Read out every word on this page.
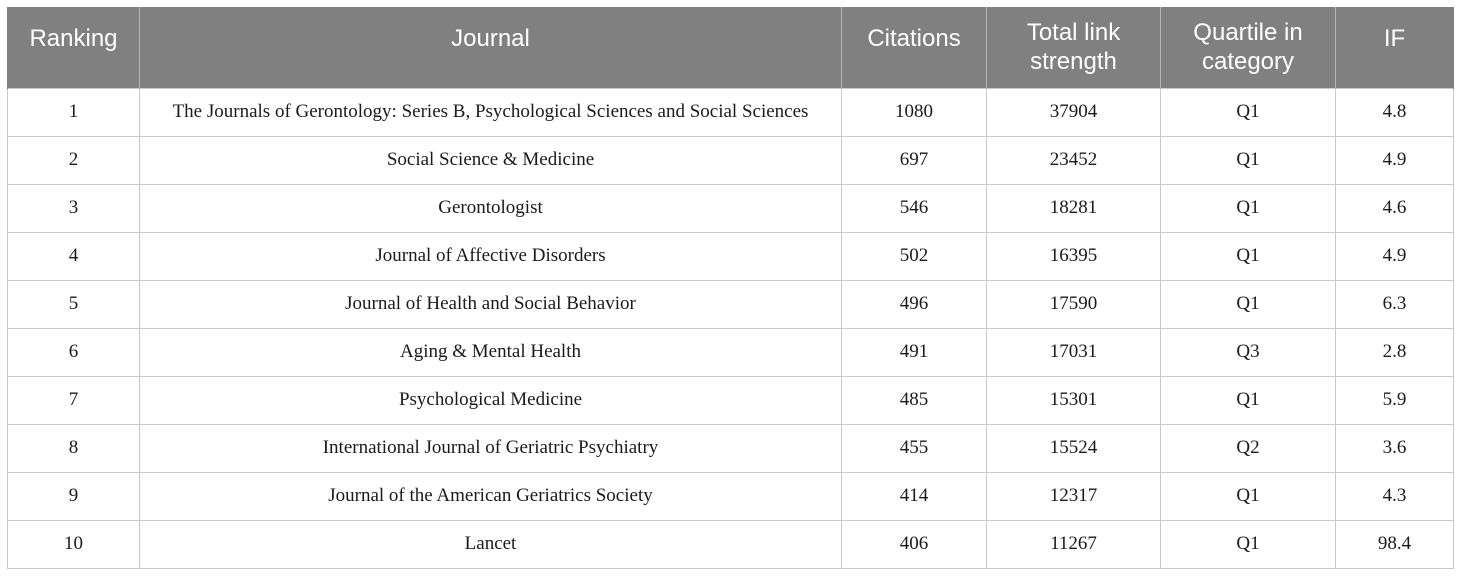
Ranking	Journal	Citations	Total link strength	Quartile in category	IF

1	The Journals of Gerontology: Series B, Psychological Sciences and Social Sciences	1080	37904	Q1	4.8
2	Social Science & Medicine	697	23452	Q1	4.9
3	Gerontologist	546	18281	Q1	4.6
4	Journal of Affective Disorders	502	16395	Q1	4.9
5	Journal of Health and Social Behavior	496	17590	Q1	6.3
6	Aging & Mental Health	491	17031	Q3	2.8
7	Psychological Medicine	485	15301	Q1	5.9
8	International Journal of Geriatric Psychiatry	455	15524	Q2	3.6
9	Journal of the American Geriatrics Society	414	12317	Q1	4.3
10	Lancet	406	11267	Q1	98.4
